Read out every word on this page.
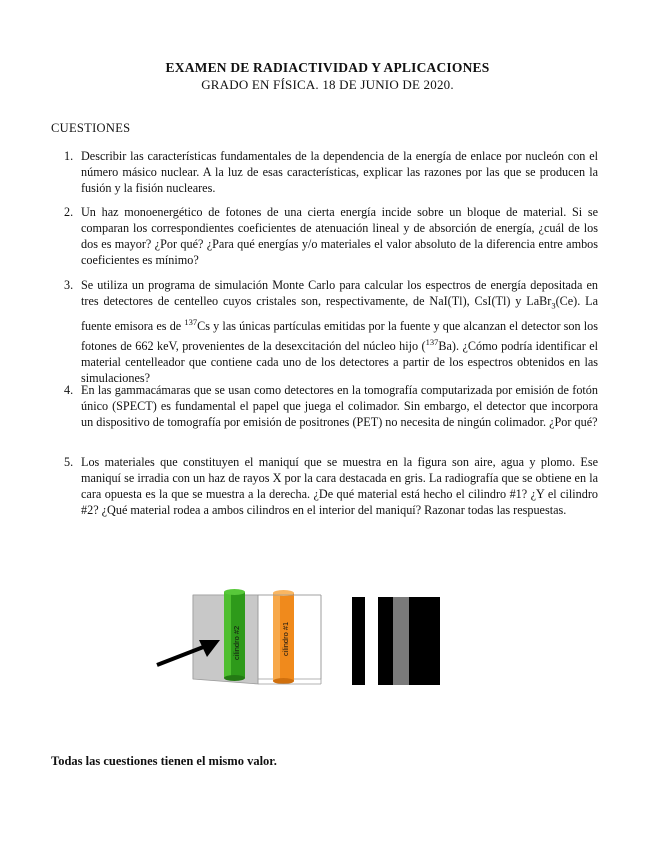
EXAMEN DE RADIACTIVIDAD Y APLICACIONES
GRADO EN FÍSICA. 18 DE JUNIO DE 2020.
CUESTIONES
1. Describir las características fundamentales de la dependencia de la energía de enlace por nucleón con el número másico nuclear. A la luz de esas características, explicar las razones por las que se producen la fusión y la fisión nucleares.
2. Un haz monoenergético de fotones de una cierta energía incide sobre un bloque de material. Si se comparan los correspondientes coeficientes de atenuación lineal y de absorción de energía, ¿cuál de los dos es mayor? ¿Por qué? ¿Para qué energías y/o materiales el valor absoluto de la diferencia entre ambos coeficientes es mínimo?
3. Se utiliza un programa de simulación Monte Carlo para calcular los espectros de energía depositada en tres detectores de centelleo cuyos cristales son, respectivamente, de NaI(Tl), CsI(Tl) y LaBr$_3$(Ce). La fuente emisora es de $^{137}$Cs y las únicas partículas emitidas por la fuente y que alcanzan el detector son los fotones de 662 keV, provenientes de la desexcitación del núcleo hijo ($^{137}$Ba). ¿Cómo podría identificar el material centelleador que contiene cada uno de los detectores a partir de los espectros obtenidos en las simulaciones?
4. En las gammacámaras que se usan como detectores en la tomografía computarizada por emisión de fotón único (SPECT) es fundamental el papel que juega el colimador. Sin embargo, el detector que incorpora un dispositivo de tomografía por emisión de positrones (PET) no necesita de ningún colimador. ¿Por qué?
5. Los materiales que constituyen el maniquí que se muestra en la figura son aire, agua y plomo. Ese maniquí se irradia con un haz de rayos X por la cara destacada en gris. La radiografía que se obtiene en la cara opuesta es la que se muestra a la derecha. ¿De qué material está hecho el cilindro #1? ¿Y el cilindro #2? ¿Qué material rodea a ambos cilindros en el interior del maniquí? Razonar todas las respuestas.
cilindro #2	cilindro #1
Todas las cuestiones tienen el mismo valor.
